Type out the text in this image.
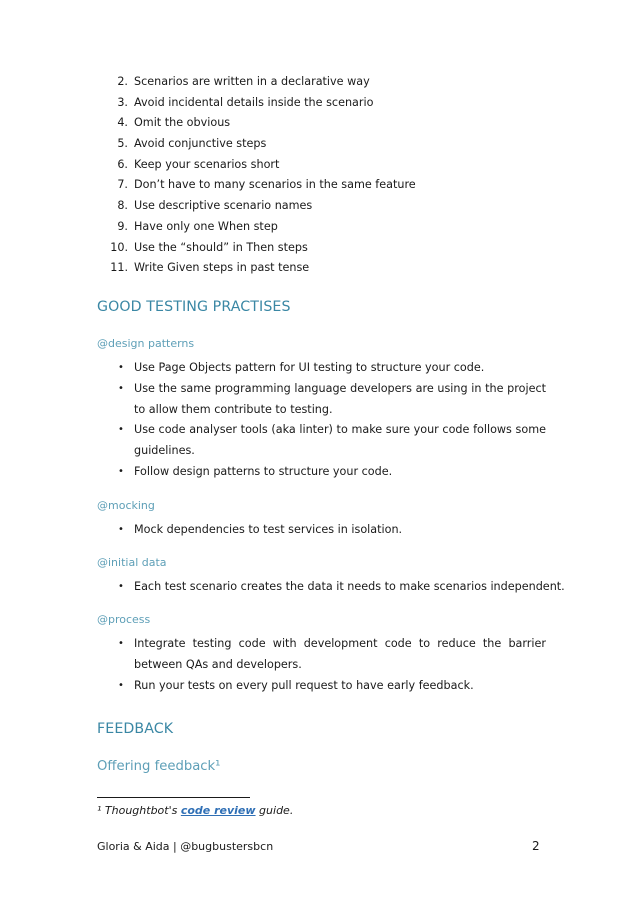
2. Scenarios are written in a declarative way
3. Avoid incidental details inside the scenario
4. Omit the obvious
5. Avoid conjunctive steps
6. Keep your scenarios short
7. Don’t have to many scenarios in the same feature
8. Use descriptive scenario names
9. Have only one When step
10. Use the “should” in Then steps
11. Write Given steps in past tense
GOOD TESTING PRACTISES
@design patterns
• Use Page Objects pattern for UI testing to structure your code.
• Use the same programming language developers are using in the project to allow them contribute to testing.
• Use code analyser tools (aka linter) to make sure your code follows some guidelines.
• Follow design patterns to structure your code.
@mocking
• Mock dependencies to test services in isolation.
@initial data
• Each test scenario creates the data it needs to make scenarios independent.
@process
• Integrate testing code with development code to reduce the barrier between QAs and developers.
• Run your tests on every pull request to have early feedback.
FEEDBACK
Offering feedback¹
¹ Thoughtbot's code review guide.
Gloria & Aida | @bugbustersbcn	2
